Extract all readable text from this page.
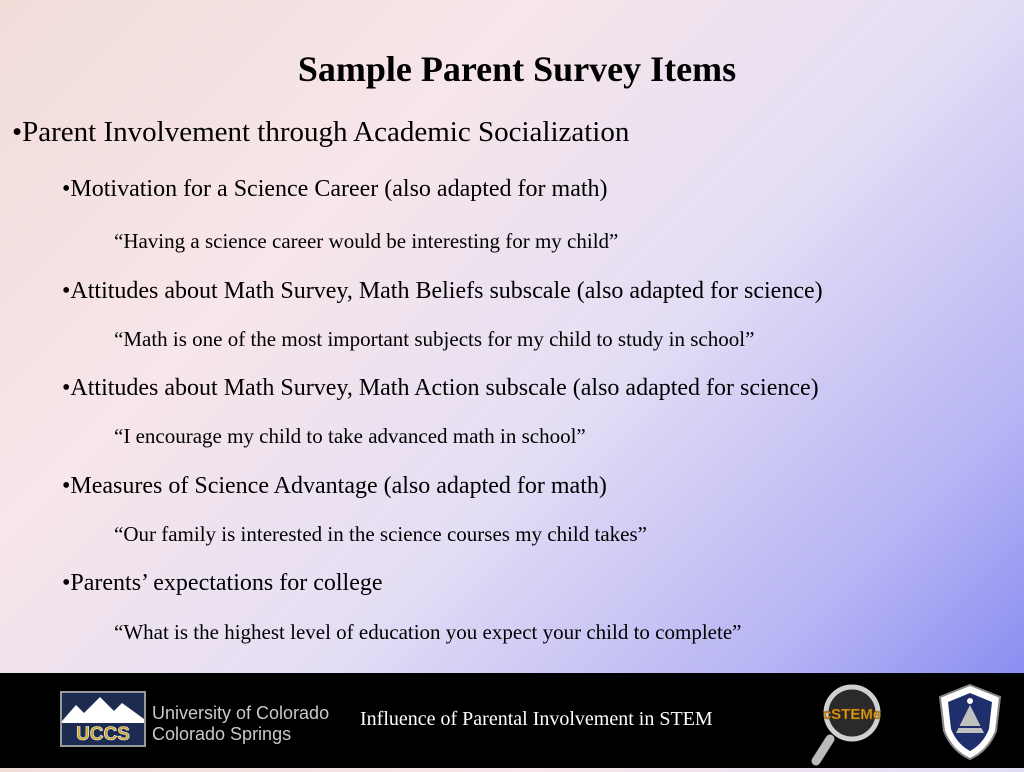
Sample Parent Survey Items
•Parent Involvement through Academic Socialization
•Motivation for a Science Career (also adapted for math)
“Having a science career would be interesting for my child”
•Attitudes about Math Survey, Math Beliefs subscale (also adapted for science)
“Math is one of the most important subjects for my child to study in school”
•Attitudes about Math Survey, Math Action subscale (also adapted for science)
“I encourage my child to take advanced math in school”
•Measures of Science Advantage (also adapted for math)
“Our family is interested in the science courses my child takes”
•Parents’ expectations for college
“What is the highest level of education you expect your child to complete”
UCCS
University of Colorado
Colorado Springs
Influence of Parental Involvement in STEM	cSTEMe
